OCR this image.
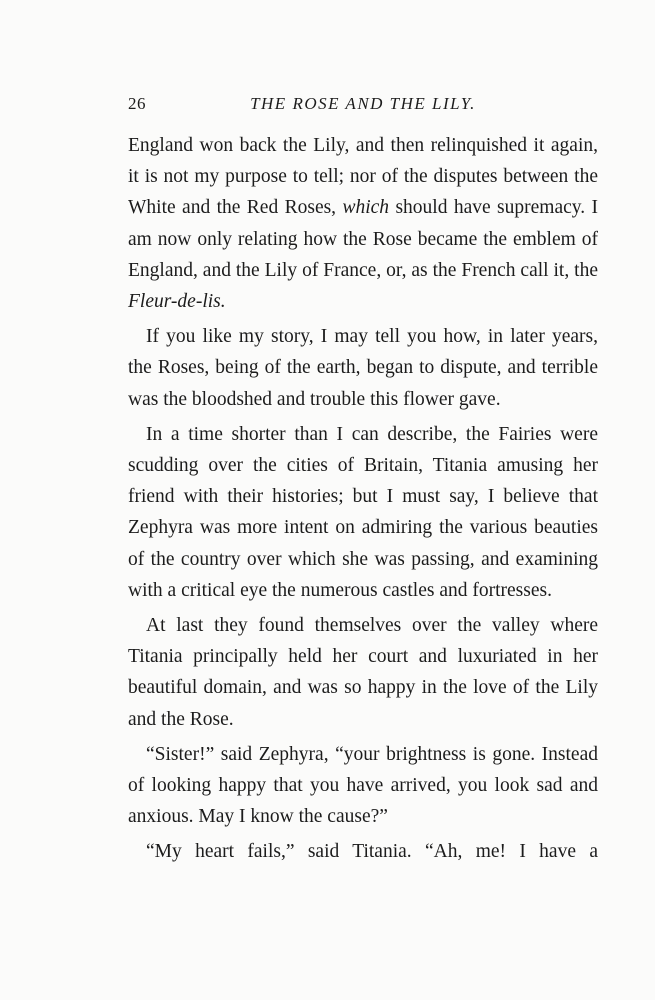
26	THE ROSE AND THE LILY.

England won back the Lily, and then relinquished it again, it is not my purpose to tell; nor of the disputes between the White and the Red Roses, which should have supremacy. I am now only relating how the Rose became the emblem of England, and the Lily of France, or, as the French call it, the Fleur-de-lis.

If you like my story, I may tell you how, in later years, the Roses, being of the earth, began to dispute, and terrible was the bloodshed and trouble this flower gave.

In a time shorter than I can describe, the Fairies were scudding over the cities of Britain, Titania amusing her friend with their histories; but I must say, I believe that Zephyra was more intent on admiring the various beauties of the country over which she was passing, and examining with a critical eye the numerous castles and fortresses.

At last they found themselves over the valley where Titania principally held her court and luxuriated in her beautiful domain, and was so happy in the love of the Lily and the Rose.

“Sister!” said Zephyra, “your brightness is gone. Instead of looking happy that you have arrived, you look sad and anxious. May I know the cause?”

“My heart fails,” said Titania. “Ah, me! I have a
